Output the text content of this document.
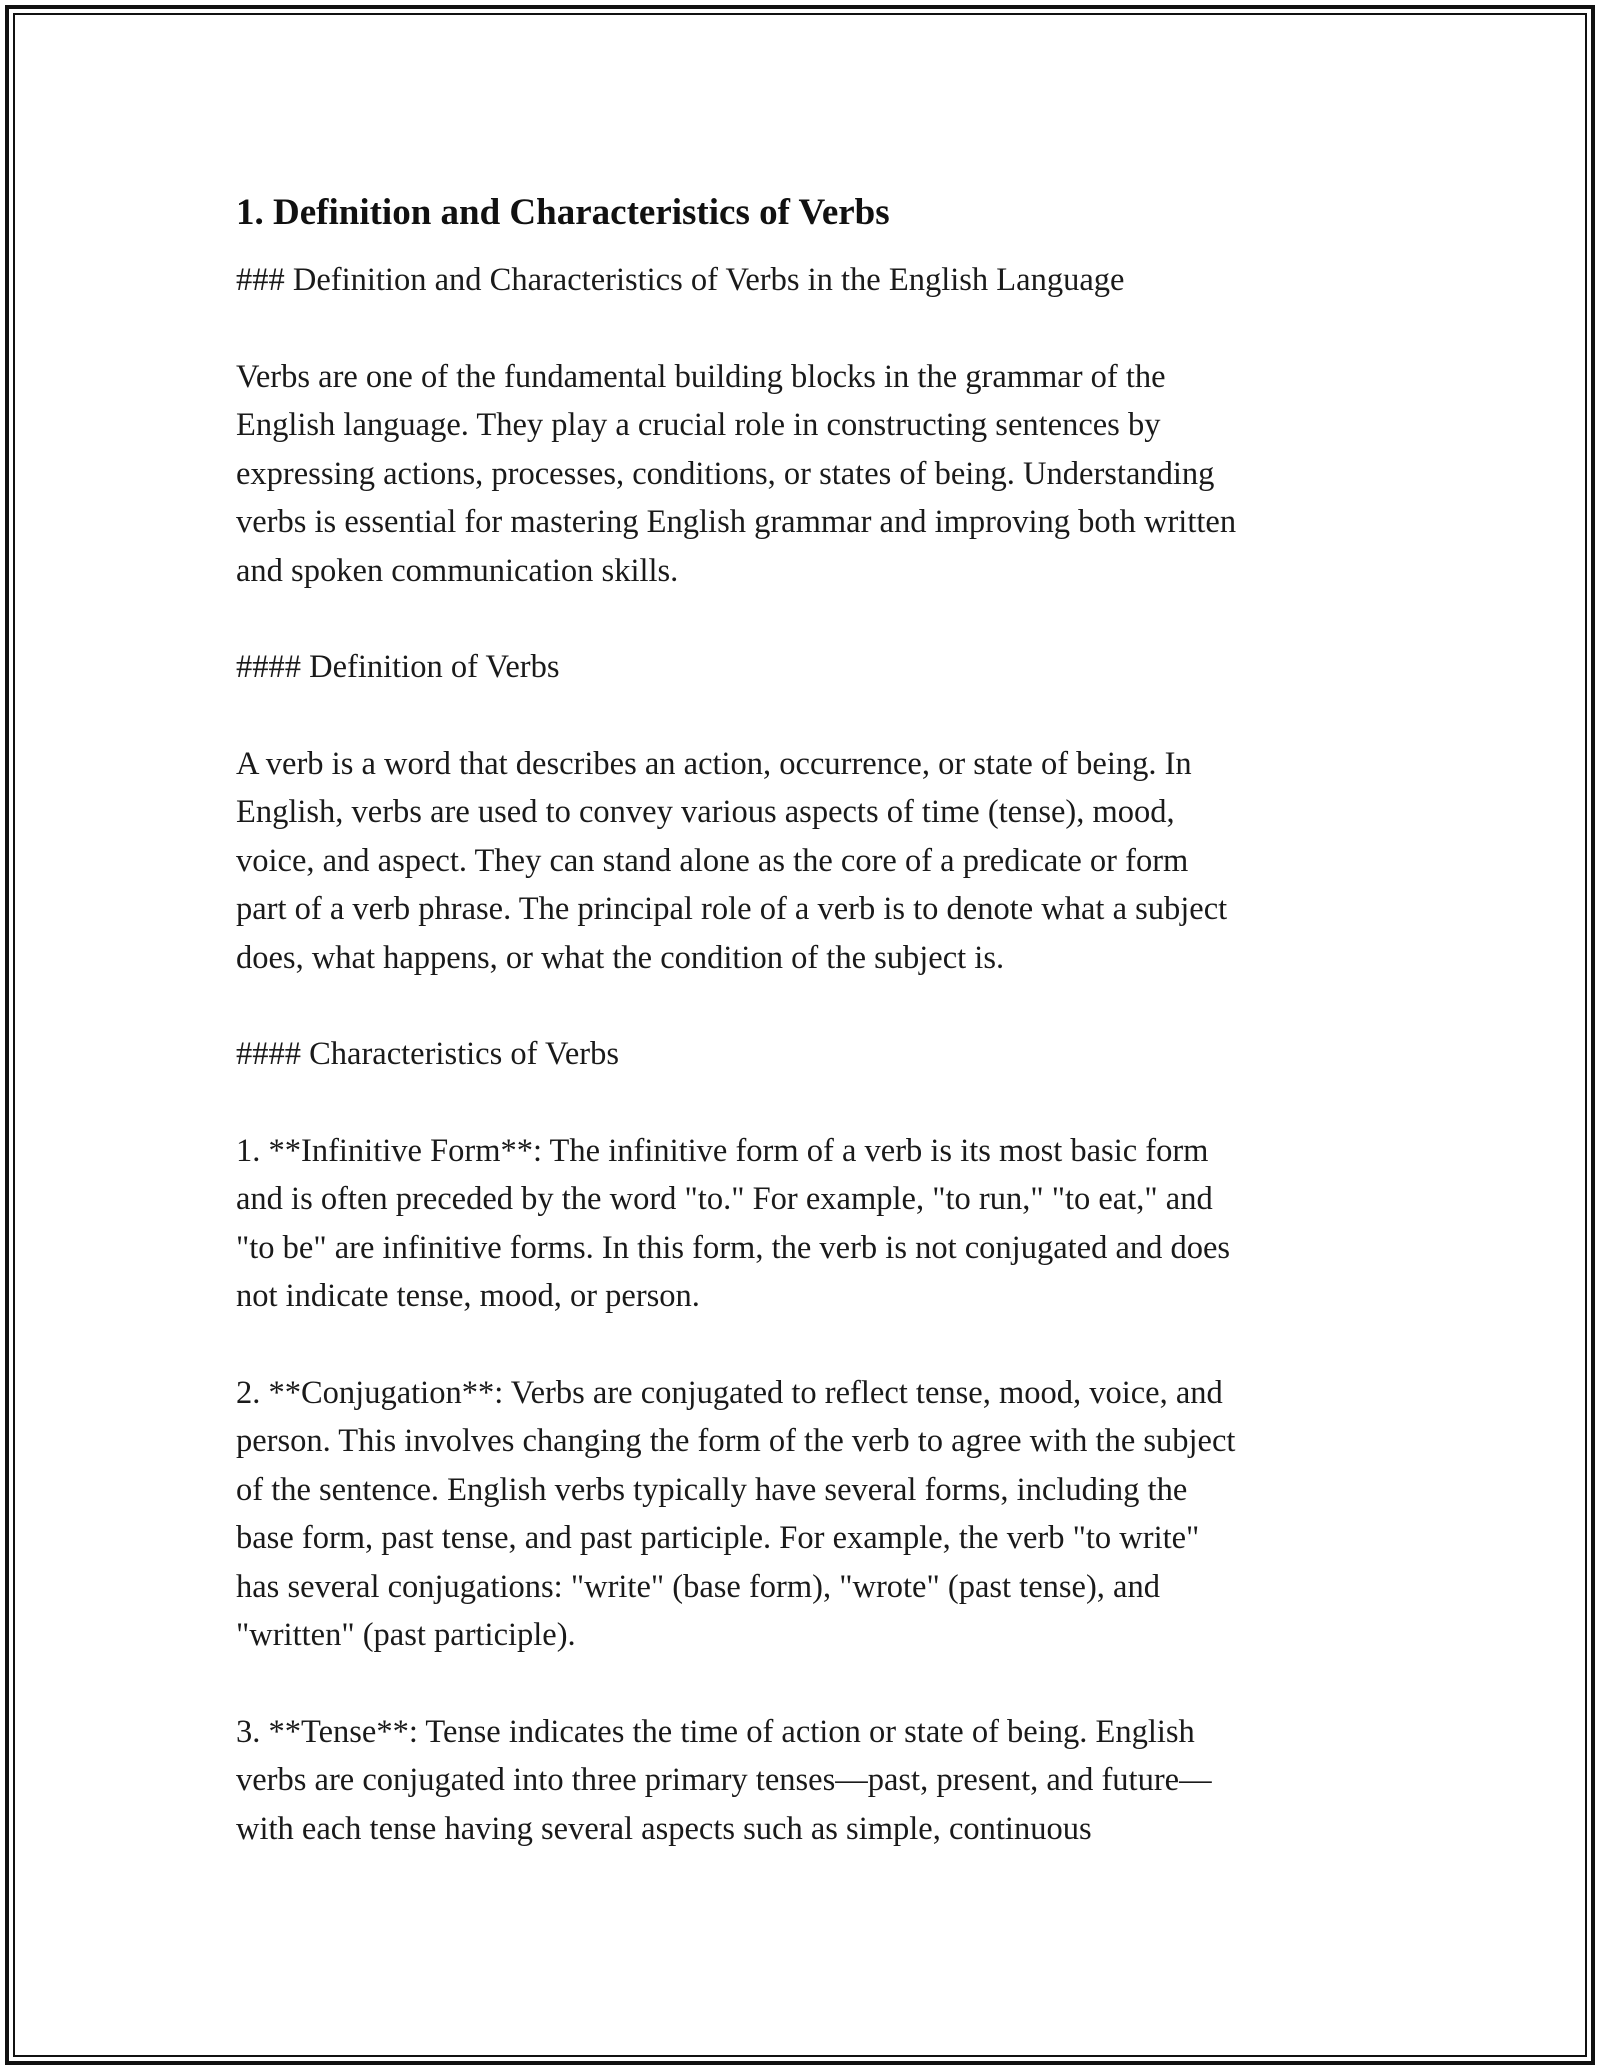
1. Definition and Characteristics of Verbs

### Definition and Characteristics of Verbs in the English Language

Verbs are one of the fundamental building blocks in the grammar of the
English language. They play a crucial role in constructing sentences by
expressing actions, processes, conditions, or states of being. Understanding
verbs is essential for mastering English grammar and improving both written
and spoken communication skills.

#### Definition of Verbs

A verb is a word that describes an action, occurrence, or state of being. In
English, verbs are used to convey various aspects of time (tense), mood,
voice, and aspect. They can stand alone as the core of a predicate or form
part of a verb phrase. The principal role of a verb is to denote what a subject
does, what happens, or what the condition of the subject is.

#### Characteristics of Verbs

1. **Infinitive Form**: The infinitive form of a verb is its most basic form
and is often preceded by the word "to." For example, "to run," "to eat," and
"to be" are infinitive forms. In this form, the verb is not conjugated and does
not indicate tense, mood, or person.

2. **Conjugation**: Verbs are conjugated to reflect tense, mood, voice, and
person. This involves changing the form of the verb to agree with the subject
of the sentence. English verbs typically have several forms, including the
base form, past tense, and past participle. For example, the verb "to write"
has several conjugations: "write" (base form), "wrote" (past tense), and
"written" (past participle).

3. **Tense**: Tense indicates the time of action or state of being. English
verbs are conjugated into three primary tenses—past, present, and future—
with each tense having several aspects such as simple, continuous
